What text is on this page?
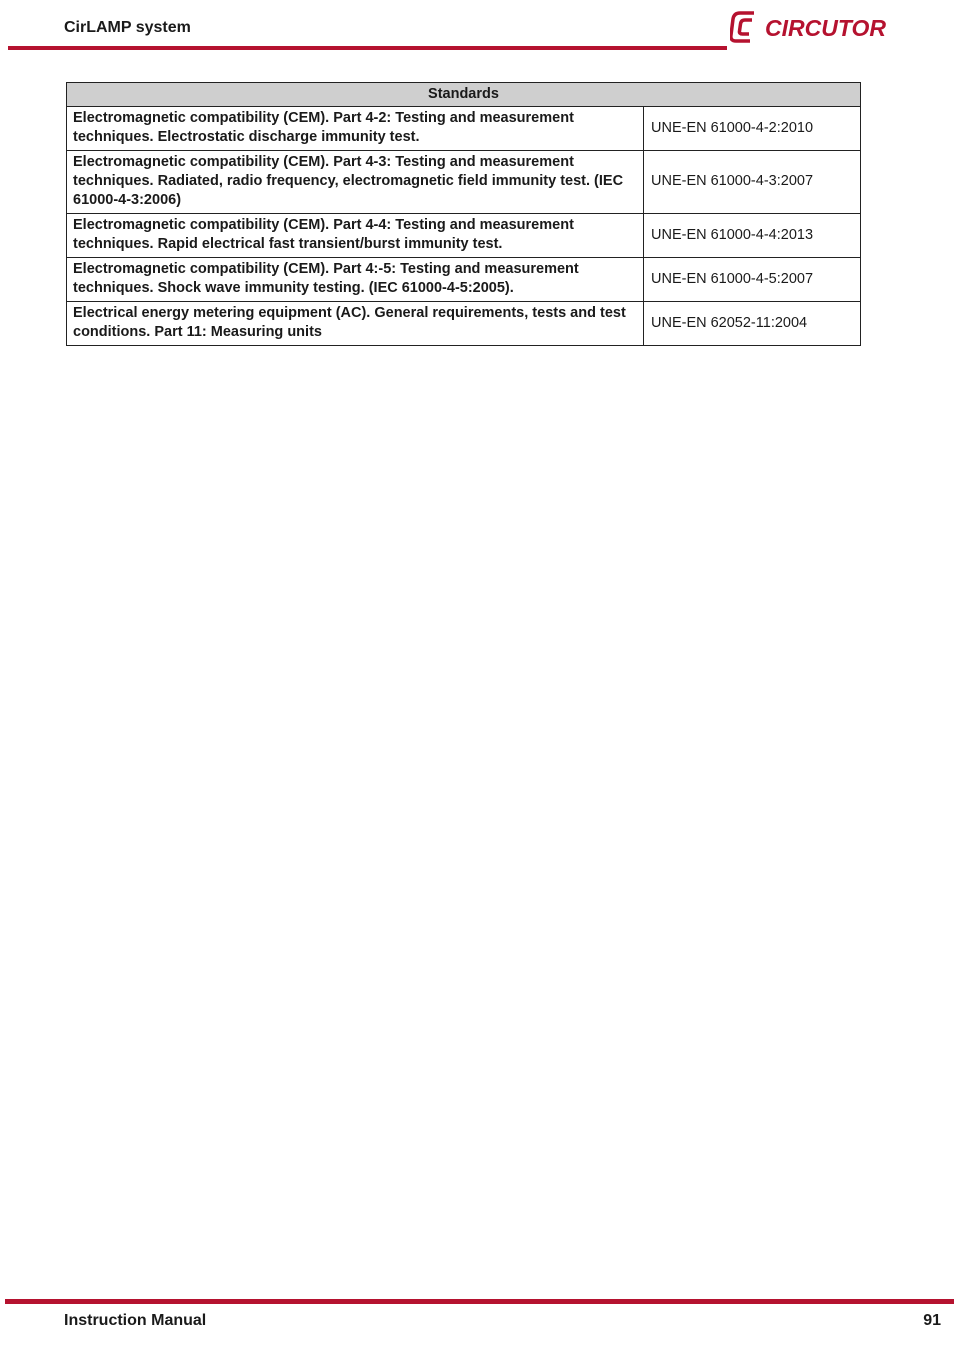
CirLAMP system	CIRCUTOR
Standards	
Electromagnetic compatibility (CEM). Part 4-2: Testing and measurement techniques. Electrostatic discharge immunity test.	UNE-EN 61000-4-2:2010
Electromagnetic compatibility (CEM). Part 4-3: Testing and measurement techniques. Radiated, radio frequency, electromagnetic field immunity test. (IEC 61000-4-3:2006)	UNE-EN 61000-4-3:2007
Electromagnetic compatibility (CEM). Part 4-4: Testing and measurement techniques. Rapid electrical fast transient/burst immunity test.	UNE-EN 61000-4-4:2013
Electromagnetic compatibility (CEM). Part 4:-5: Testing and measurement techniques. Shock wave immunity testing. (IEC 61000-4-5:2005).	UNE-EN 61000-4-5:2007
Electrical energy metering equipment (AC). General requirements, tests and test conditions. Part 11: Measuring units	UNE-EN 62052-11:2004
Instruction Manual	91
